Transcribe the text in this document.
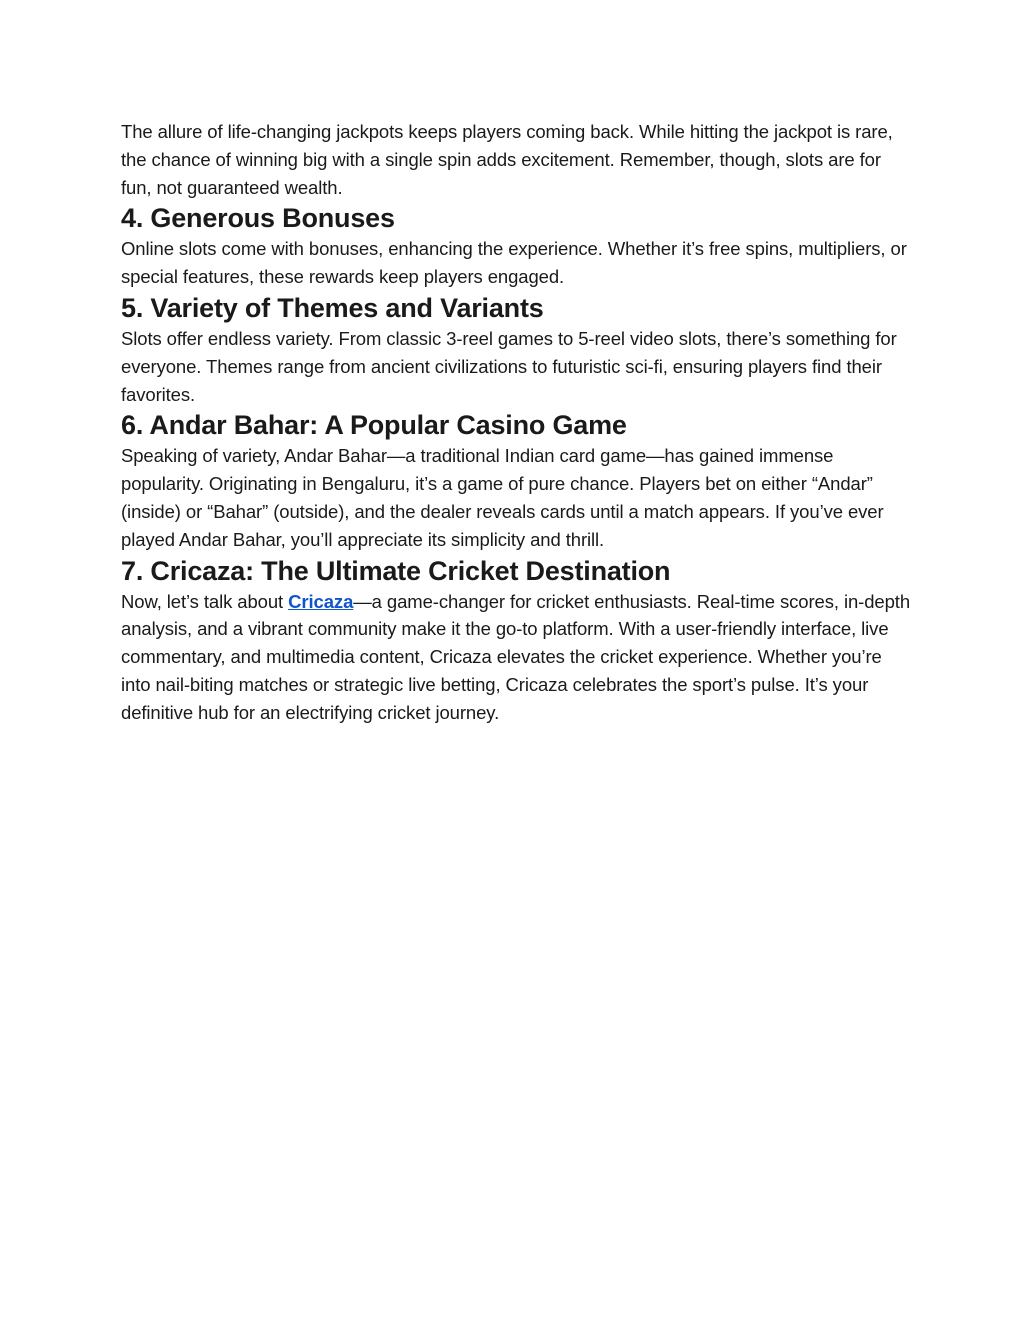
The allure of life-changing jackpots keeps players coming back. While hitting the jackpot is rare, the chance of winning big with a single spin adds excitement. Remember, though, slots are for fun, not guaranteed wealth.

4. Generous Bonuses

Online slots come with bonuses, enhancing the experience. Whether it’s free spins, multipliers, or special features, these rewards keep players engaged.

5. Variety of Themes and Variants

Slots offer endless variety. From classic 3-reel games to 5-reel video slots, there’s something for everyone. Themes range from ancient civilizations to futuristic sci-fi, ensuring players find their favorites.

6. Andar Bahar: A Popular Casino Game

Speaking of variety, Andar Bahar—a traditional Indian card game—has gained immense popularity. Originating in Bengaluru, it’s a game of pure chance. Players bet on either “Andar” (inside) or “Bahar” (outside), and the dealer reveals cards until a match appears. If you’ve ever played Andar Bahar, you’ll appreciate its simplicity and thrill.

7. Cricaza: The Ultimate Cricket Destination

Now, let’s talk about Cricaza—a game-changer for cricket enthusiasts. Real-time scores, in-depth analysis, and a vibrant community make it the go-to platform. With a user-friendly interface, live commentary, and multimedia content, Cricaza elevates the cricket experience. Whether you’re into nail-biting matches or strategic live betting, Cricaza celebrates the sport’s pulse. It’s your definitive hub for an electrifying cricket journey.
